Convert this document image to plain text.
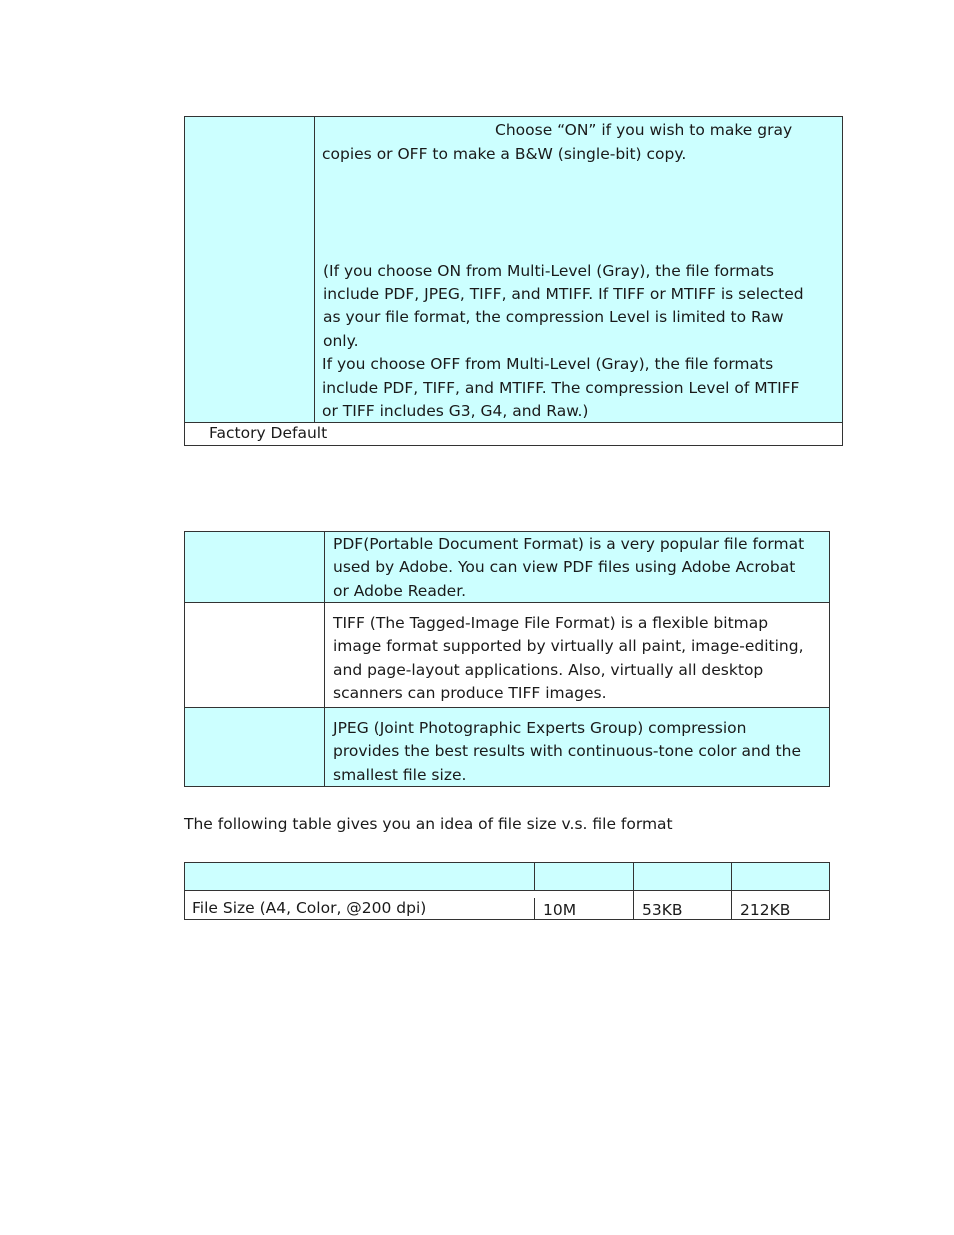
Choose “ON” if you wish to make gray
copies or OFF to make a B&W (single-bit) copy.
(If you choose ON from Multi-Level (Gray), the file formats
include PDF, JPEG, TIFF, and MTIFF. If TIFF or MTIFF is selected
as your file format, the compression Level is limited to Raw
only.
If you choose OFF from Multi-Level (Gray), the file formats
include PDF, TIFF, and MTIFF. The compression Level of MTIFF
or TIFF includes G3, G4, and Raw.)
Factory Default
PDF(Portable Document Format) is a very popular file format
used by Adobe. You can view PDF files using Adobe Acrobat
or Adobe Reader.
TIFF (The Tagged-Image File Format) is a flexible bitmap
image format supported by virtually all paint, image-editing,
and page-layout applications. Also, virtually all desktop
scanners can produce TIFF images.
JPEG (Joint Photographic Experts Group) compression
provides the best results with continuous-tone color and the
smallest file size.
The following table gives you an idea of file size v.s. file format
File Size (A4, Color, @200 dpi)	10M	53KB	212KB
